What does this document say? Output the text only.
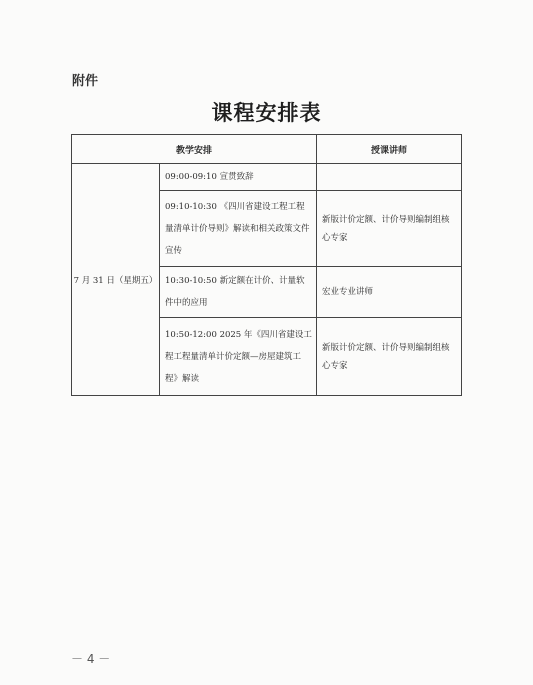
附件
课程安排表
教学安排		授课讲师
7 月 31 日（星期五）	09:00-09:10 宣贯致辞	
	09:10-10:30 《四川省建设工程工程量清单计价导则》解读和相关政策文件宣传	新版计价定额、计价导则编制组核心专家
	10:30-10:50 新定额在计价、计量软件中的应用	宏业专业讲师
	10:50-12:00 2025 年《四川省建设工程工程量清单计价定额—房屋建筑工程》解读	新版计价定额、计价导则编制组核心专家
－ 4 －
